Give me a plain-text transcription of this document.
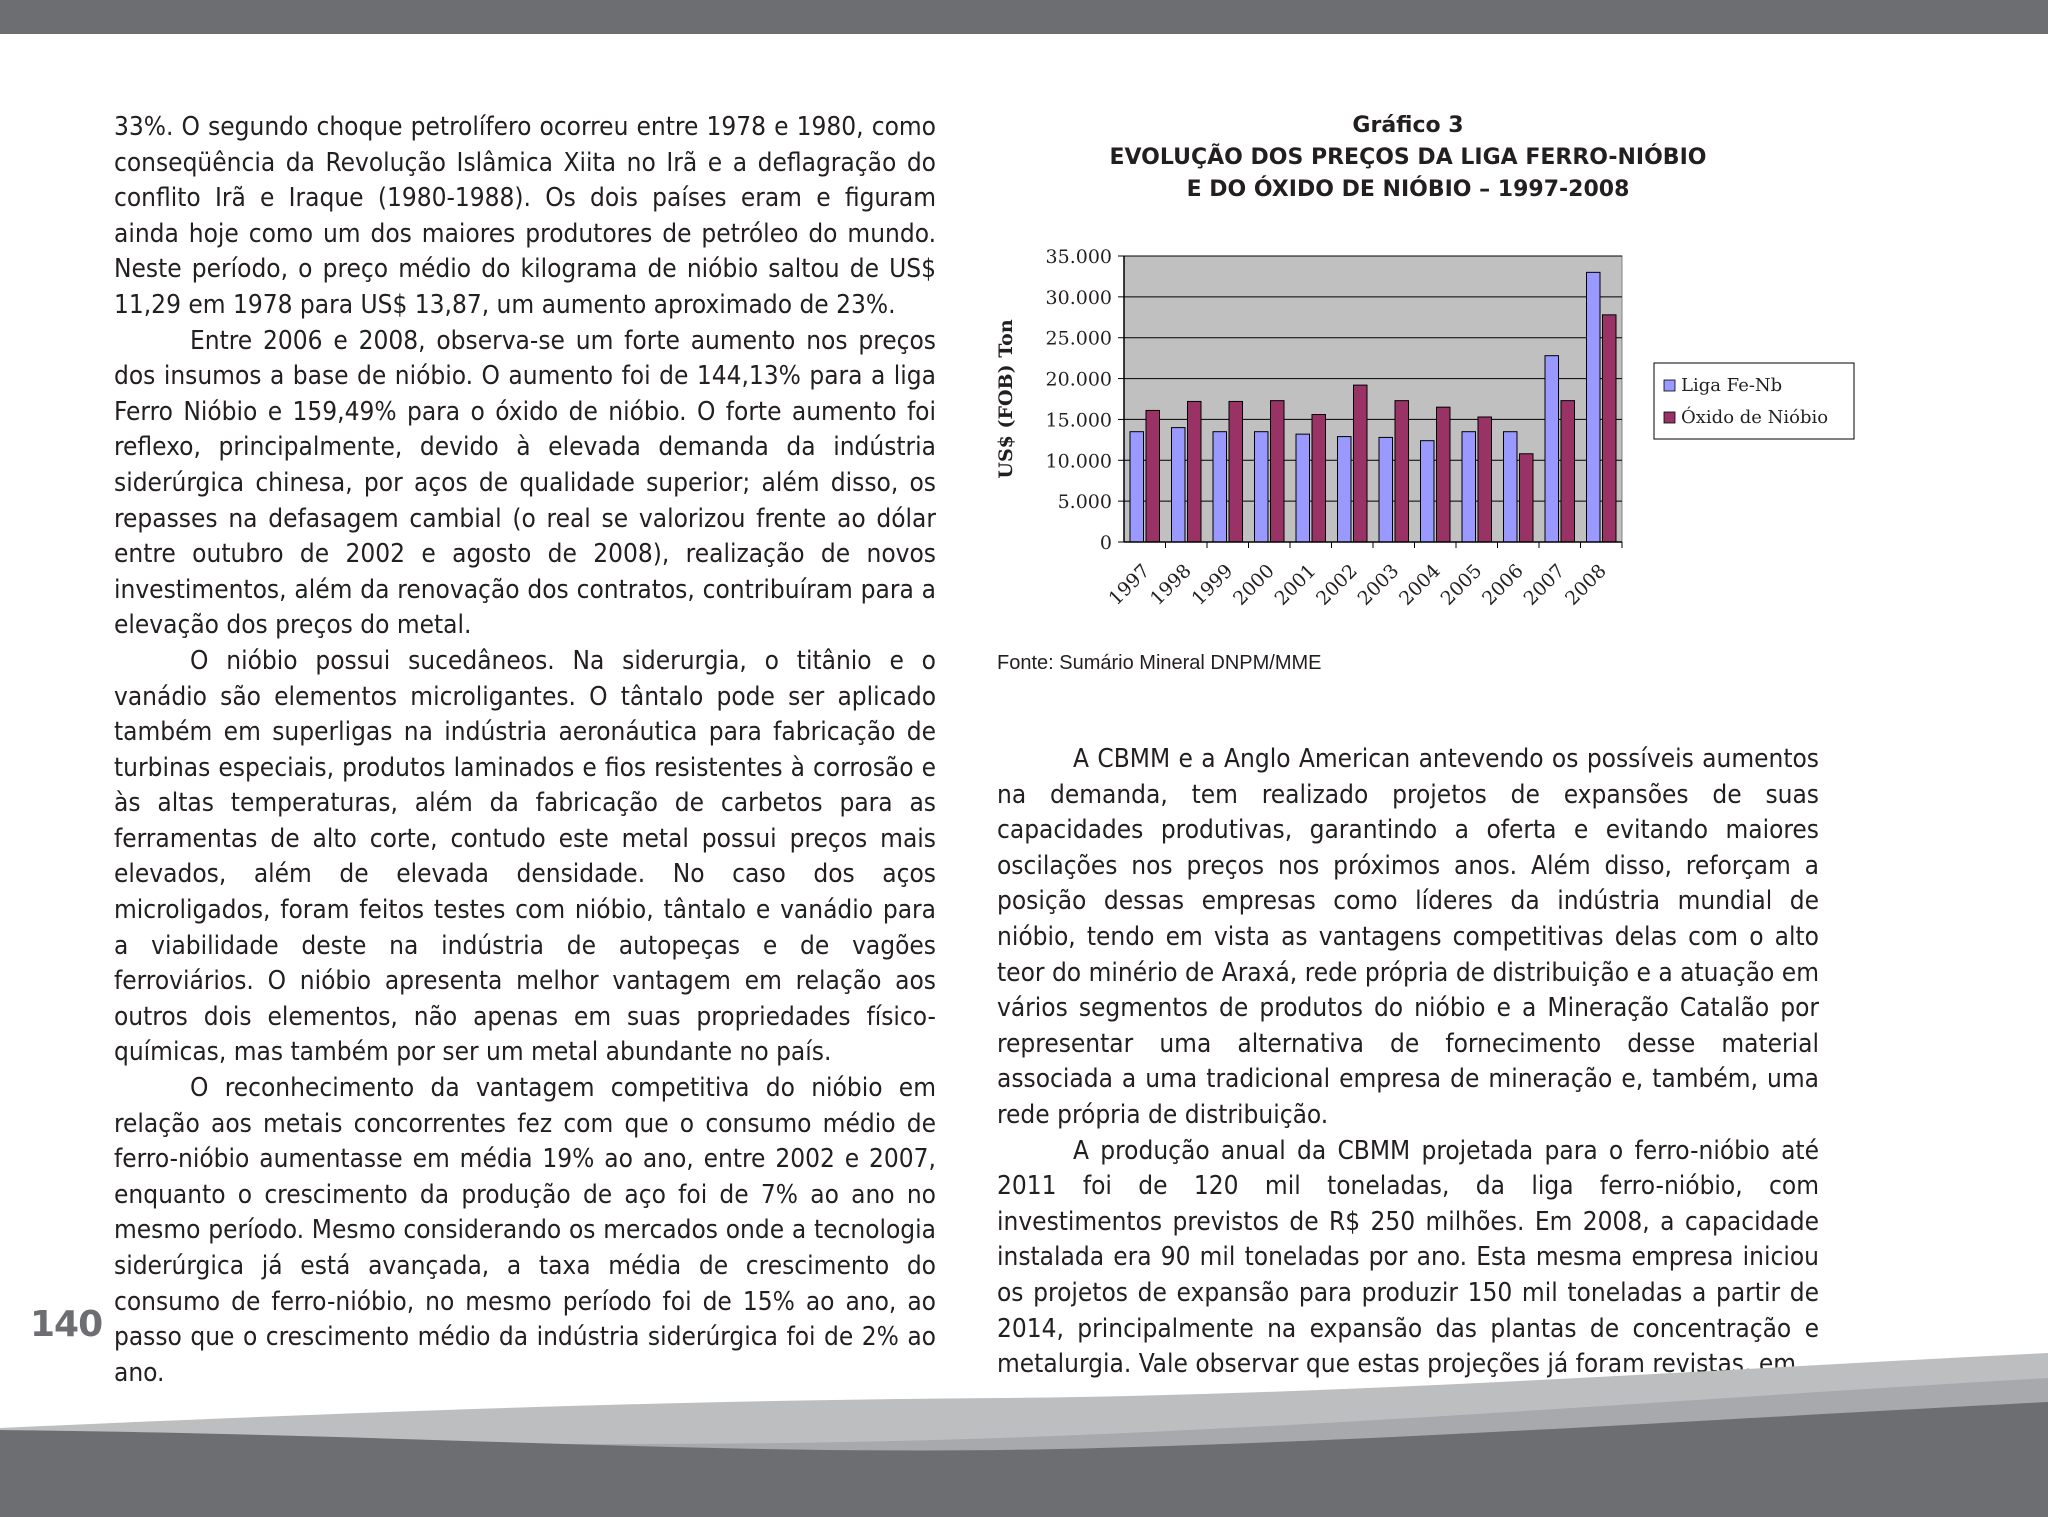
33%. O segundo choque petrolífero ocorreu entre 1978 e 1980, como conseqüência da Revolução Islâmica Xiita no Irã e a deflagração do conflito Irã e Iraque (1980-1988). Os dois países eram e figuram ainda hoje como um dos maiores produtores de petróleo do mundo. Neste período, o preço médio do kilograma de nióbio saltou de US$ 11,29 em 1978 para US$ 13,87, um aumento aproximado de 23%.

Entre 2006 e 2008, observa-se um forte aumento nos preços dos insumos a base de nióbio. O aumento foi de 144,13% para a liga Ferro Nióbio e 159,49% para o óxido de nióbio. O forte aumento foi reflexo, principalmente, devido à elevada demanda da indústria siderúrgica chinesa, por aços de qualidade superior; além disso, os repasses na defasagem cambial (o real se valorizou frente ao dólar entre outubro de 2002 e agosto de 2008), realização de novos investimentos, além da renovação dos contratos, contribuíram para a elevação dos preços do metal.

O nióbio possui sucedâneos. Na siderurgia, o titânio e o vanádio são elementos microligantes. O tântalo pode ser aplicado também em superligas na indústria aeronáutica para fabricação de turbinas especiais, produtos laminados e fios resistentes à corrosão e às altas temperaturas, além da fabricação de carbetos para as ferramentas de alto corte, contudo este metal possui preços mais elevados, além de elevada densidade. No caso dos aços microligados, foram feitos testes com nióbio, tântalo e vanádio para a viabilidade deste na indústria de autopeças e de vagões ferroviários. O nióbio apresenta melhor vantagem em relação aos outros dois elementos, não apenas em suas propriedades físico-químicas, mas também por ser um metal abundante no país.

O reconhecimento da vantagem competitiva do nióbio em relação aos metais concorrentes fez com que o consumo médio de ferro-nióbio aumentasse em média 19% ao ano, entre 2002 e 2007, enquanto o crescimento da produção de aço foi de 7% ao ano no mesmo período. Mesmo considerando os mercados onde a tecnologia siderúrgica já está avançada, a taxa média de crescimento do consumo de ferro-nióbio, no mesmo período foi de 15% ao ano, ao passo que o crescimento médio da indústria siderúrgica foi de 2% ao ano.

Gráfico 3
EVOLUÇÃO DOS PREÇOS DA LIGA FERRO-NIÓBIO
E DO ÓXIDO DE NIÓBIO – 1997-2008
0
5.000
10.000
15.000
20.000
25.000
30.000
35.000
1997
1998
1999
2000
2001
2002
2003
2004
2005
2006
2007
2008
US$ (FOB) Ton	Liga Fe-Nb
Óxido de Nióbio
Fonte: Sumário Mineral DNPM/MME

A CBMM e a Anglo American antevendo os possíveis aumentos na demanda, tem realizado projetos de expansões de suas capacidades produtivas, garantindo a oferta e evitando maiores oscilações nos preços nos próximos anos. Além disso, reforçam a posição dessas empresas como líderes da indústria mundial de nióbio, tendo em vista as vantagens competitivas delas com o alto teor do minério de Araxá, rede própria de distribuição e a atuação em vários segmentos de produtos do nióbio e a Mineração Catalão por representar uma alternativa de fornecimento desse material associada a uma tradicional empresa de mineração e, também, uma rede própria de distribuição.

A produção anual da CBMM projetada para o ferro-nióbio até 2011 foi de 120 mil toneladas, da liga ferro-nióbio, com investimentos previstos de R$ 250 milhões. Em 2008, a capacidade instalada era 90 mil toneladas por ano. Esta mesma empresa iniciou os projetos de expansão para produzir 150 mil toneladas a partir de 2014, principalmente na expansão das plantas de concentração e metalurgia. Vale observar que estas projeções já foram revistas, em

140
